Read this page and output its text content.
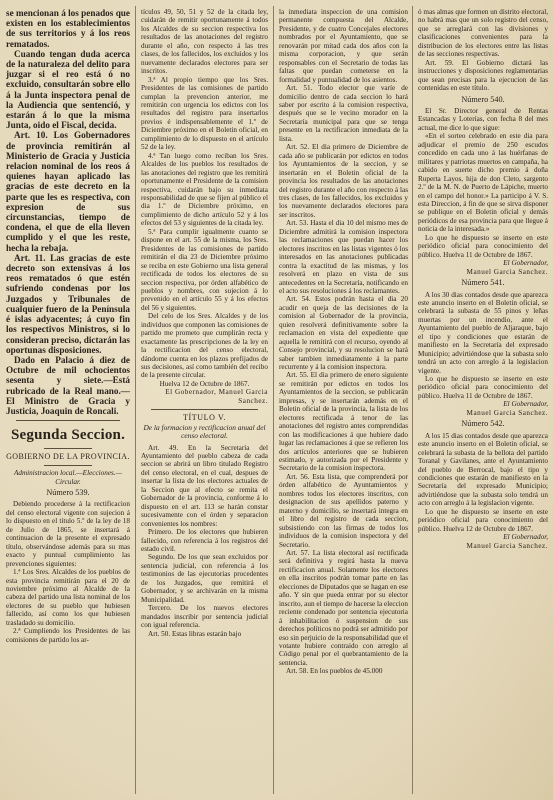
se mencionan á los penados que existen en los establecimientos de sus territorios y á los reos rematados.

Cuando tengan duda acerca de la naturaleza del delito para juzgar si el reo está ó no excluido, consultarán sobre ello á la Junta inspectora penal de la Audiencia que sentenció, y estarán á lo que la misma Junta, oido el Fiscal, decida.

Art. 10. Los Gobernadores de provincia remitirán al Ministerio de Gracia y Justicia relacion nominal de los reos á quienes hayan aplicado las gracias de este decreto en la parte que les es respectiva, con expresion de sus circunstancias, tiempo de condena, el que de ella lleven cumplido y el que les reste, hecha la rebaja.

Art. 11. Las gracias de este decreto son extensivas á los reos rematados ó que estén sufriendo condenas por los Juzgados y Tribunales de cualquier fuero de la Península é islas adyacentes; á cuyo fin los respectivos Ministros, si lo consideran preciso, dictarán las oportunas disposiciones.

Dado en Palacio á diez de Octubre de mil ochocientos sesenta y siete.—Está rubricado de la Real mano.—El Ministro de Gracia y Justicia, Joaquin de Roncali.

Segunda Seccion.
GOBIERNO DE LA PROVINCIA.

Administracion local.—Elecciones.—Circular.

Número 539.

Debiendo procederse á la rectificacion del censo electoral vigente con sujecion á lo dispuesto en el título 5.º de la ley de 18 de Julio de 1865, se insertará á continuacion de la presente el expresado título, observándose además para su mas exacto y puntual cumplimiento las prevenciones siguientes:

1.ª Los Sres. Alcaldes de los pueblos de esta provincia remitirán para el 20 de noviembre próximo al Alcalde de la cabeza del partido una lista nominal de los electores de su pueblo que hubiesen fallecido, así como los que hubiesen trasladado su domicilio.

2.ª Cumpliendo los Presidentes de las comisiones de partido los ar-

tículos 49, 50, 51 y 52 de la citada ley, cuidarán de remitir oportunamente á todos los Alcaldes de su seccion respectiva los resultados de las anotaciones del registro durante el año, con respecto á las tres clases, de los fallecidos, los excluidos y los nuevamente declarados electores para ser inscritos.

3.ª Al propio tiempo que los Sres. Presidentes de las comisiones de partido cumplan la prevencion anterior, me remitirán con urgencia los edictos con los resultados del registro para insertarlos previos é indispensablemente el 1.º de Diciembre próximo en el Boletin oficial, en cumplimiento de lo dispuesto en el artículo 52 de la ley.

4.ª Tan luego como reciban los Sres. Alcaldes de los pueblos los resultados de las anotaciones del registro que les remitirá oportunamente el Presidente de la comision respectiva, cuidarán bajo su inmediata responsabilidad de que se fijen al público el dia 1.º de Diciembre próximo, en cumplimiento de dicho artículo 52 y á los efectos del 53 y siguientes de la citada ley.

5.ª Para cumplir igualmente cuanto se dispone en el art. 55 de la misma, los Sres. Presidentes de las comisiones de partido remitirán el dia 23 de Diciembre próximo se reciba en este Gobierno una lista general rectificada de todos los electores de su seccion respectiva, por órden alfabético de pueblos y nombres, con sujecion á lo prevenido en el artículo 55 y á los efectos del 56 y siguientes.

Del celo de los Sres. Alcaldes y de los individuos que componen las comisiones de partido me prometo que cumplirán recta y exactamente las prescripciones de la ley en la rectificacion del censo electoral, dándome cuenta en los plazos prefijados de sus decisiones, así como también del recibo de la presente circular.

Huelva 12 de Octubre de 1867.

El Gobernador, Manuel Garcia Sanchez.

TÍTULO V.
De la formacion y rectificacion anual del censo electoral.

Art. 49. En la Secretaría del Ayuntamiento del pueblo cabeza de cada seccion se abrirá un libro titulado Registro del censo electoral, en el cual, despues de insertar la lista de los electores actuales de la Seccion que al efecto se remita el Gobernador de la provincia, conforme á lo dispuesto en el art. 113 se harán constar sucesivamente con el órden y separacion convenientes los nombres:

Primero. De los electores que hubieren fallecido, con referencia á los registros del estado civil.

Segundo. De los que sean excluidos por sentencia judicial, con referencia á los testimonios de las ejecutorias procedentes de los Juzgados, que remitirá el Gobernador, y se archivarán en la misma Municipalidad.

Tercero. De los nuevos electores mandados inscribir por sentencia judicial con igual referencia.

Art. 50. Estas libras estarán bajo

la inmediata inspeccion de una comision permanente compuesta del Alcalde, Presidente, y de cuatro Concejales electores nombrados por el Ayuntamiento, que se renovarán por mitad cada dos años con la misma corporacion, y que serán responsables con el Secretario de todas las faltas que puedan cometerse en la formalidad y puntualidad de los asientos.

Art. 51. Todo elector que varíe de domicilio dentro de cada seccion lo hará saber por escrito á la comision respectiva, después que se le vecino morador en la Secretaría municipal para que se tenga presente en la rectificacion inmediata de la lista.

Art. 52. El dia primero de Diciembre de cada año se publicarán por edictos en todos los Ayuntamientos de la seccion, y se insertarán en el Boletin oficial de la provincia los resultados de las anotaciones del registro durante el año con respecto á las tres clases, de los fallecidos, los excluidos y los nuevamente declarados electores para ser inscritos.

Art. 53. Hasta el dia 10 del mismo mes de Diciembre admitirá la comision inspectora las reclamaciones que puedan hacer los electores inscritos en las listas vigentes ó los interesados en las anotaciones publicadas contra la exactitud de las mismas, y los resolverá en plazo en vista de sus antecedentes en la Secretaría, notificando en el acto sus resoluciones á los reclamantes.

Art. 54. Estos podrán hasta el dia 20 acudir en queja de las decisiones de la comision al Gobernador de la provincia, quien resolverá definitivamente sobre la reclamacion en vista del expediente que aquella le remitirá con el recurso, oyendo al Consejo provincial, y su resolucion se hará saber tambien inmediatamente á la parte recurrente y á la comision inspectora.

Art. 55. El dia primero de enero siguiente se remitirán por edictos en todos los Ayuntamientos de la seccion, se publicarán impresas, y se insertarán además en el Boletin oficial de la provincia, la lista de los electores rectificada á tenor de las anotaciones del registro antes comprendidas con las modificaciones á que hubiere dado lugar las reclamaciones á que se refieren los dos artículos anteriores que se hubieren estimado, y autorizada por el Presidente y Secretario de la comision inspectora.

Art. 56. Esta lista, que comprenderá por órden alfabético de Ayuntamientos y nombres todos los electores inscritos, con designacion de sus apellidos paterno y materno y domicilio, se insertará integra en el libro del registro de cada seccion, subsistiendo con las firmas de todos los individuos de la comision inspectora y del Secretario.

Art. 57. La lista electoral así rectificada será definitiva y regirá hasta la nueva rectificacion anual. Solamente los electores en ella inscritos podrán tomar parte en las elecciones de Diputados que se hagan en ese año. Y sin que pueda entrar por su elector inscrito, aun el tiempo de hacerse la eleccion reciente condenado por sentencia ejecutoria á inhabilitacion ó suspension de sus derechos políticos no podrá ser admitido por eso sin perjuicio de la responsabilidad que el votante hubiere contraido con arreglo al Código penal por el quebrantamiento de la sentencia.

Art. 58. En los pueblos de 45.000

ó mas almas que formen un distrito electoral, no habrá mas que un solo registro del censo, que se arreglará con las divisiones y clasificaciones convenientes para la distribucion de los electores entre las listas de las secciones respectivas.

Art. 59. El Gobierno dictará las instrucciones y disposiciones reglamentarias que sean precisas para la ejecucion de las contenidas en este título.

Número 540.

El Sr. Director general de Rentas Estancadas y Loterías, con fecha 8 del mes actual, me dice lo que sigue:

«En el sorteo celebrado en este dia para adjudicar el premio de 250 escudos concedido en cada uno á las huérfanas de militares y patriotas muertos en campaña, ha cabido en suerte dicho premio á doña Ruperta Layos, hija de don Cleto, sargento 2.º de la M. N. de Puerto de Lápiche, muerto en el campo del honor.» La participo á V. S. esta Direccion, á fin de que se sirva disponer se publique en el Boletin oficial y demás periódicos de esa provincia para que llegue á noticia de la interesada.»

Lo que he dispuesto se inserte en este periódico oficial para conocimiento del público. Huelva 11 de Octubre de 1867.

El Gobernador,

Manuel Garcia Sanchez.

Número 541.

A los 30 dias contados desde que aparezca este anuncio inserto en el Boletin oficial, se celebrará la subasta de 55 pinos y leñas muertas por un incendio, ante el Ayuntamiento del pueblo de Aljaraque, bajo el tipo y condiciones que estarán de manifiesto en la Secretaría del expresado Municipio; advirtiéndose que la subasta solo tendrá un acto con arreglo á la legislacion vigente.

Lo que he dispuesto se inserte en este periódico oficial para conocimiento del público. Huelva 11 de Octubre de 1867.

El Gobernador,

Manuel Garcia Sanchez.

Número 542.

A los 15 dias contados desde que aparezca este anuncio inserto en el Boletin oficial, se celebrará la subasta de la bellota del partido Toranal y Gavilanes, ante el Ayuntamiento del pueblo de Berrocal, bajo el tipo y condiciones que estarán de manifiesto en la Secretaría del expresado Municipio; advirtiéndose que la subasta solo tendrá un acto con arreglo á la legislacion vigente.

Lo que he dispuesto se inserte en este periódico oficial para conocimiento del público. Huelva 12 de Octubre de 1867.

El Gobernador,

Manuel Garcia Sanchez.
